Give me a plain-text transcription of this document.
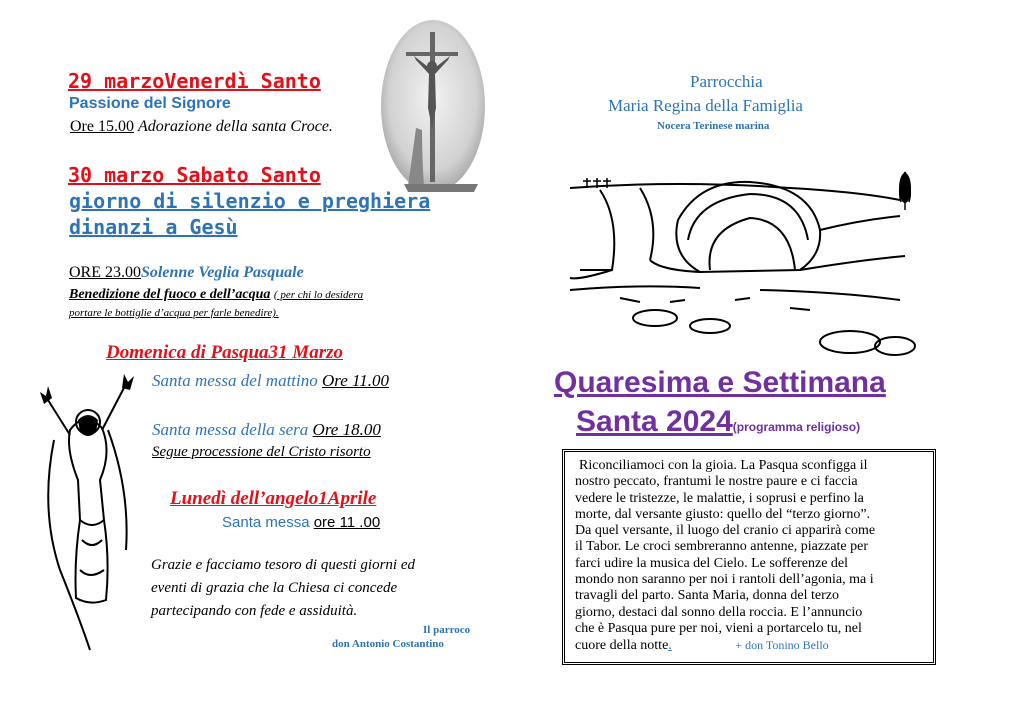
29 marzoVenerdì Santo
Passione del Signore
Ore 15.00 Adorazione della santa Croce.
30 marzo Sabato Santo
giorno di silenzio e preghiera
dinanzi a Gesù
ORE 23.00Solenne Veglia Pasquale
Benedizione del fuoco e dell’acqua ( per chi lo desidera
portare le bottiglie d’acqua per farle benedire).
Domenica di Pasqua31 Marzo
Santa messa del mattino Ore 11.00
Santa messa della sera Ore 18.00
Segue processione del Cristo risorto
Lunedì dell’angelo1Aprile
Santa messa ore 11 .00
Grazie e facciamo tesoro di questi giorni ed
eventi di grazia che la Chiesa ci concede
partecipando con fede e assiduità.
Il parroco
don Antonio Costantino
Parrocchia
Maria Regina della Famiglia
Nocera Terinese marina
Quaresima e Settimana
Santa 2024(programma religioso)

Riconciliamoci con la gioia. La Pasqua sconfigga il

nostro peccato, frantumi le nostre paure e ci faccia

vedere le tristezze, le malattie, i soprusi e perfino la

morte, dal versante giusto: quello del “terzo giorno”.

Da quel versante, il luogo del cranio ci apparirà come

il Tabor. Le croci sembreranno antenne, piazzate per

farci udire la musica del Cielo. Le sofferenze del

mondo non saranno per noi i rantoli dell’agonia, ma i

travagli del parto. Santa Maria, donna del terzo

giorno, destaci dal sonno della roccia. E l’annuncio

che è Pasqua pure per noi, vieni a portarcelo tu, nel

cuore della notte.	+ don Tonino Bello
